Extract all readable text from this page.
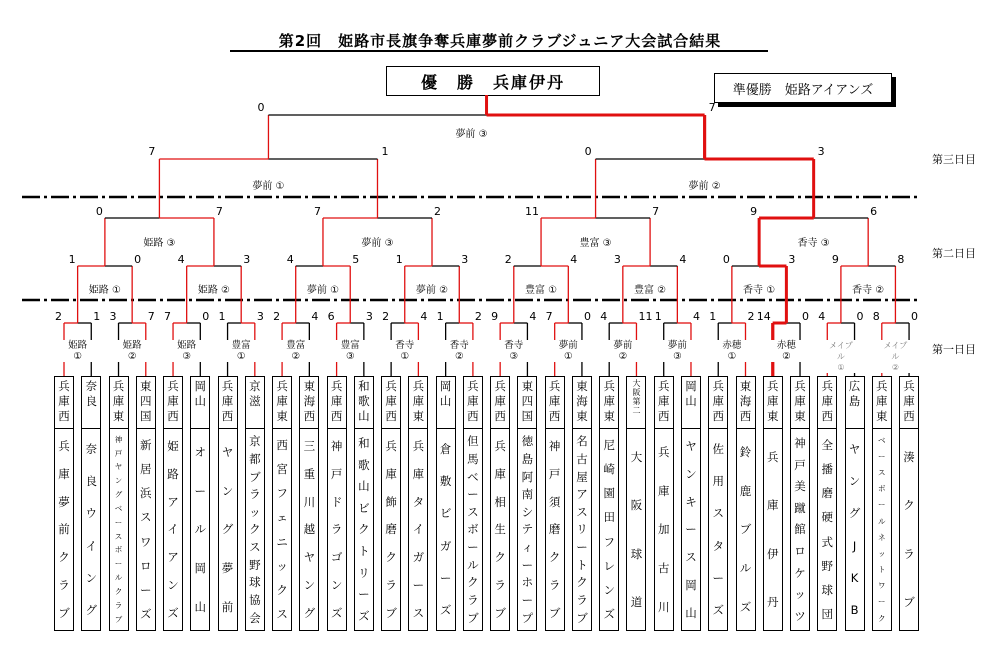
第2回　姫路市長旗争奪兵庫夢前クラブジュニア大会試合結果
優　勝
　 兵庫伊丹	準優勝
　 姫路アイアンズ
第三日目
第二日目
第一日目
2	1 3	7 7	0 1	3 2	4 6	3 2	4 1	2 9	4 7	0 4	11 1	4 1	2 14	0 4	0 8	0
1	0
姫路 ①
4	3
姫路 ②
4	5
夢前 ①
1	3
夢前 ②
2	4
豊富 ①
3	4
豊富 ②
0	3
香寺 ①
9	8
香寺 ②
0	7
姫路 ③
7	2
夢前 ③
11	7
豊富 ③
9	6
香寺 ③
7	1
夢前 ①
0	3
夢前 ②
0	7
夢前 ③
姫路
①
姫路
②
姫路
③
豊富
①
豊富
②
豊富
③
香寺
①
香寺
②
香寺
③
夢前
①
夢前
②
夢前
③
赤穂
①
赤穂
②
メイプル
①
メイプル
②
兵
庫
西
兵
庫
夢
前
ク
ラ
ブ
奈
良
奈
良
ウ
イ
ン
グ
兵
庫
東
神
戸
ヤ
ン
グ
ベ
ー
ス
ボ
ー
ル
ク
ラ
ブ
東
四
国
新
居
浜
ス
ワ
ロ
ー
ズ
兵
庫
西
姫
路
ア
イ
ア
ン
ズ
岡
山
オ
ー
ル
岡
山
兵
庫
西
ヤ
ン
グ
夢
前
京
滋
京
都
ブ
ラ
ッ
ク
ス
野
球
協
会
兵
庫
東
西
宮
フ
ェ
ニ
ッ
ク
ス
東
海
西
三
重
川
越
ヤ
ン
グ
兵
庫
西
神
戸
ド
ラ
ゴ
ン
ズ
和
歌
山
和
歌
山
ビ
ク
ト
リ
ー
ズ
兵
庫
西
兵
庫
飾
磨
ク
ラ
ブ
兵
庫
東
兵
庫
タ
イ
ガ
ー
ス
岡
山
倉
敷
ビ
ガ
ー
ズ
兵
庫
西
但
馬
ベ
ー
ス
ボ
ー
ル
ク
ラ
ブ
兵
庫
西
兵
庫
相
生
ク
ラ
ブ
東
四
国
徳
島
阿
南
シ
テ
ィ
ー
ホ
ー
プ
兵
庫
西
神
戸
須
磨
ク
ラ
ブ
東
海
東
名
古
屋
ア
ス
リ
ー
ト
ク
ラ
ブ
兵
庫
東
尼
崎
園
田
フ
レ
ン
ズ
大
阪
第
二
大
阪
球
道
兵
庫
西
兵
庫
加
古
川
岡
山
ヤ
ン
キ
ー
ス
岡
山
兵
庫
西
佐
用
ス
タ
ー
ズ
東
海
西
鈴
鹿
ブ
ル
ズ
兵
庫
東
兵
庫
伊
丹
兵
庫
東
神
戸
美
蹴
館
ロ
ケ
ッ
ツ
兵
庫
西
全
播
磨
硬
式
野
球
団
広
島
ヤ
ン
グ
J
K
B
兵
庫
東
ベ
ー
ス
ボ
ー
ル
ネ
ッ
ト
ワ
ー
ク
兵
庫
西
湊
ク
ラ
ブ
